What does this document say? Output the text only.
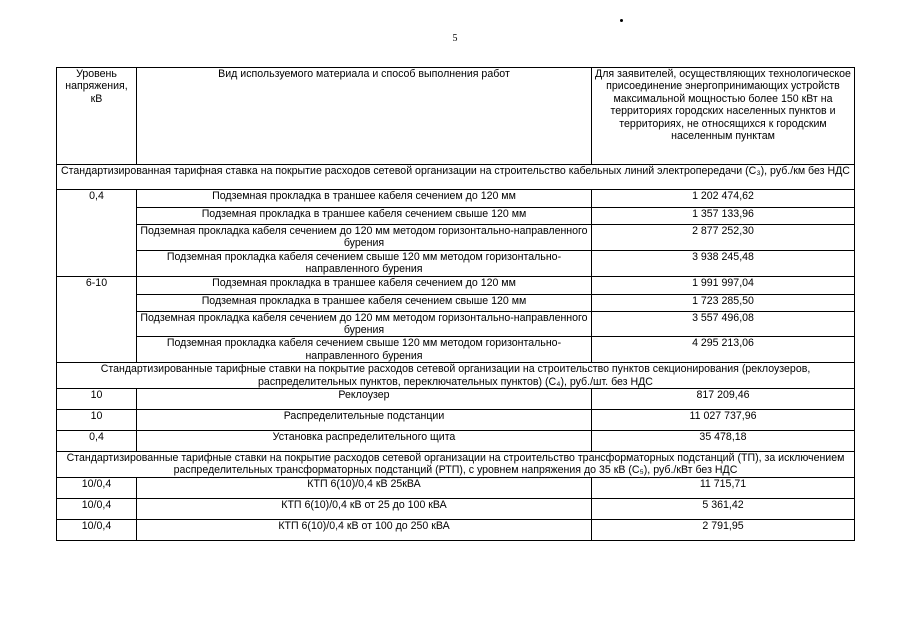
5
Уровень напряжения, кВ	Вид используемого материала и способ выполнения работ	Для заявителей, осуществляющих технологическое присоединение энергопринимающих устройств максимальной мощностью более 150 кВт на территориях городских населенных пунктов и территориях, не относящихся к городским населенным пунктам
Стандартизированная тарифная ставка на покрытие расходов сетевой организации на строительство кабельных линий электропередачи (С₃), руб./км без НДС		
0,4	Подземная прокладка в траншее кабеля сечением до 120 мм	1 202 474,62
	Подземная прокладка в траншее кабеля сечением свыше 120 мм	1 357 133,96
	Подземная прокладка кабеля сечением до 120 мм методом горизонтально-направленного бурения	2 877 252,30
	Подземная прокладка кабеля сечением свыше 120 мм методом горизонтально-направленного бурения	3 938 245,48
6-10	Подземная прокладка в траншее кабеля сечением до 120 мм	1 991 997,04
	Подземная прокладка в траншее кабеля сечением свыше 120 мм	1 723 285,50
	Подземная прокладка кабеля сечением до 120 мм методом горизонтально-направленного бурения	3 557 496,08
	Подземная прокладка кабеля сечением свыше 120 мм методом горизонтально-направленного бурения	4 295 213,06
Стандартизированные тарифные ставки на покрытие расходов сетевой организации на строительство пунктов секционирования (реклоузеров, распределительных пунктов, переключательных пунктов) (С₄), руб./шт. без НДС		
10	Реклоузер	817 209,46
10	Распределительные подстанции	11 027 737,96
0,4	Установка распределительного щита	35 478,18
Стандартизированные тарифные ставки на покрытие расходов сетевой организации на строительство трансформаторных подстанций (ТП), за исключением распределительных трансформаторных подстанций (РТП), с уровнем напряжения до 35 кВ (С₅), руб./кВт без НДС		
10/0,4	КТП 6(10)/0,4 кВ 25кВА	11 715,71
10/0,4	КТП 6(10)/0,4 кВ от 25 до 100 кВА	5 361,42
10/0,4	КТП 6(10)/0,4 кВ от 100 до 250 кВА	2 791,95
